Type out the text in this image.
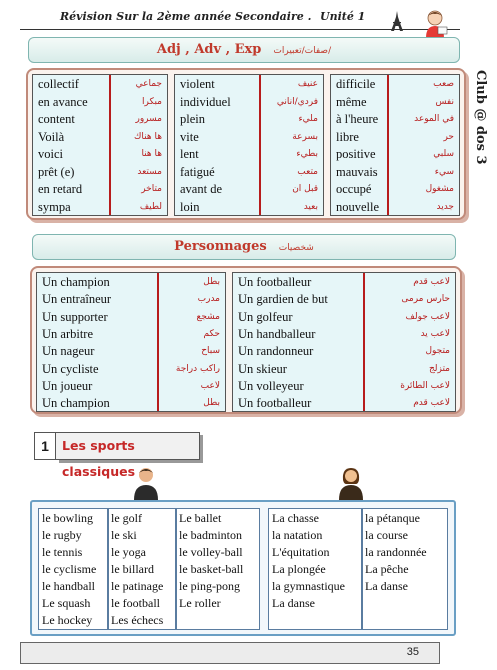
Révision Sur la 2ème année Secondaire . Unité 1
Club @ dos 3
Adj , Adv , Exp صفات/تعبيرات/
collectif	جماعي
en avance	مبكرا
content	مسرور
Voilà	ها هناك
voici	ها هنا
prêt (e)	مستعد
en retard	متاخر
sympa	لطيف
violent	عنيف
individuel	فردي/اناني
plein	مليء
vite	بسرعة
lent	بطيء
fatigué	متعب
avant de	قبل ان
loin	بعيد
difficile	صعب
même	نفس
à l'heure	في الموعد
libre	حر
positive	سلبي
mauvais	سيء
occupé	مشغول
nouvelle	جديد
Personnages شخصيات
Un champion	بطل
Un entraîneur	مدرب
Un supporter	مشجع
Un arbitre	حكم
Un nageur	سباح
Un cycliste	راكب دراجة
Un joueur	لاعب
Un champion	بطل
Un footballeur	لاعب قدم
Un gardien de but	حارس مرمى
Un golfeur	لاعب جولف
Un handballeur	لاعب يد
Un randonneur	متجول
Un skieur	متزلج
Un volleyeur	لاعب الطائرة
Un footballeur	لاعب قدم
1	Les sports classiques
le bowling
le rugby
le tennis
le cyclisme
le handball
Le squash
Le hockey
le golf
le ski
le yoga
le billard
le patinage
le football
Les échecs
Le ballet
le badminton
le volley-ball
le basket-ball
le ping-pong
Le roller
La chasse
la natation
L'équitation
La plongée
la gymnastique
La danse
la pétanque
la course
la randonnée
La pêche
La danse
35
